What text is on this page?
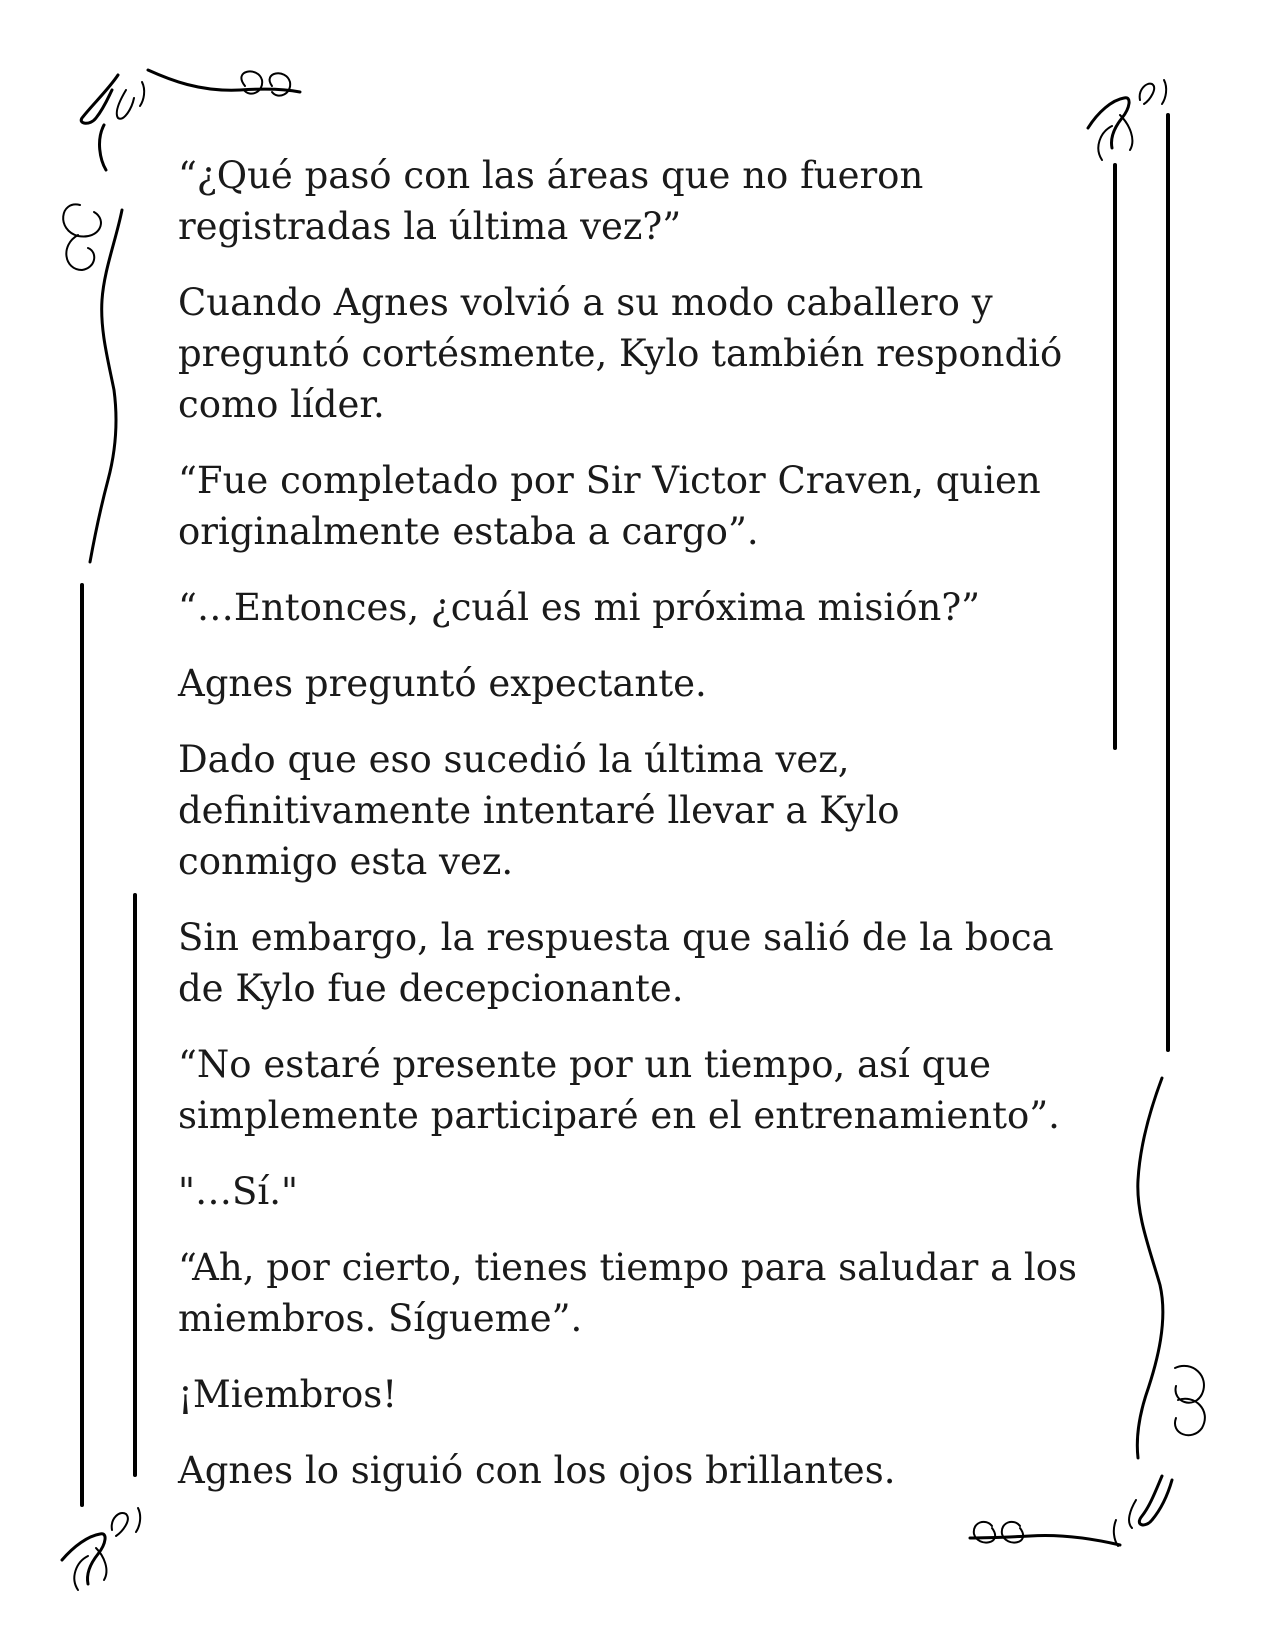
“¿Qué pasó con las áreas que no fueron
registradas la última vez?”

Cuando Agnes volvió a su modo caballero y
preguntó cortésmente, Kylo también respondió
como líder.

“Fue completado por Sir Victor Craven, quien
originalmente estaba a cargo”.

“…Entonces, ¿cuál es mi próxima misión?”

Agnes preguntó expectante.

Dado que eso sucedió la última vez,
definitivamente intentaré llevar a Kylo
conmigo esta vez.

Sin embargo, la respuesta que salió de la boca
de Kylo fue decepcionante.

“No estaré presente por un tiempo, así que
simplemente participaré en el entrenamiento”.

"…Sí."

“Ah, por cierto, tienes tiempo para saludar a los
miembros. Sígueme”.

¡Miembros!

Agnes lo siguió con los ojos brillantes.
